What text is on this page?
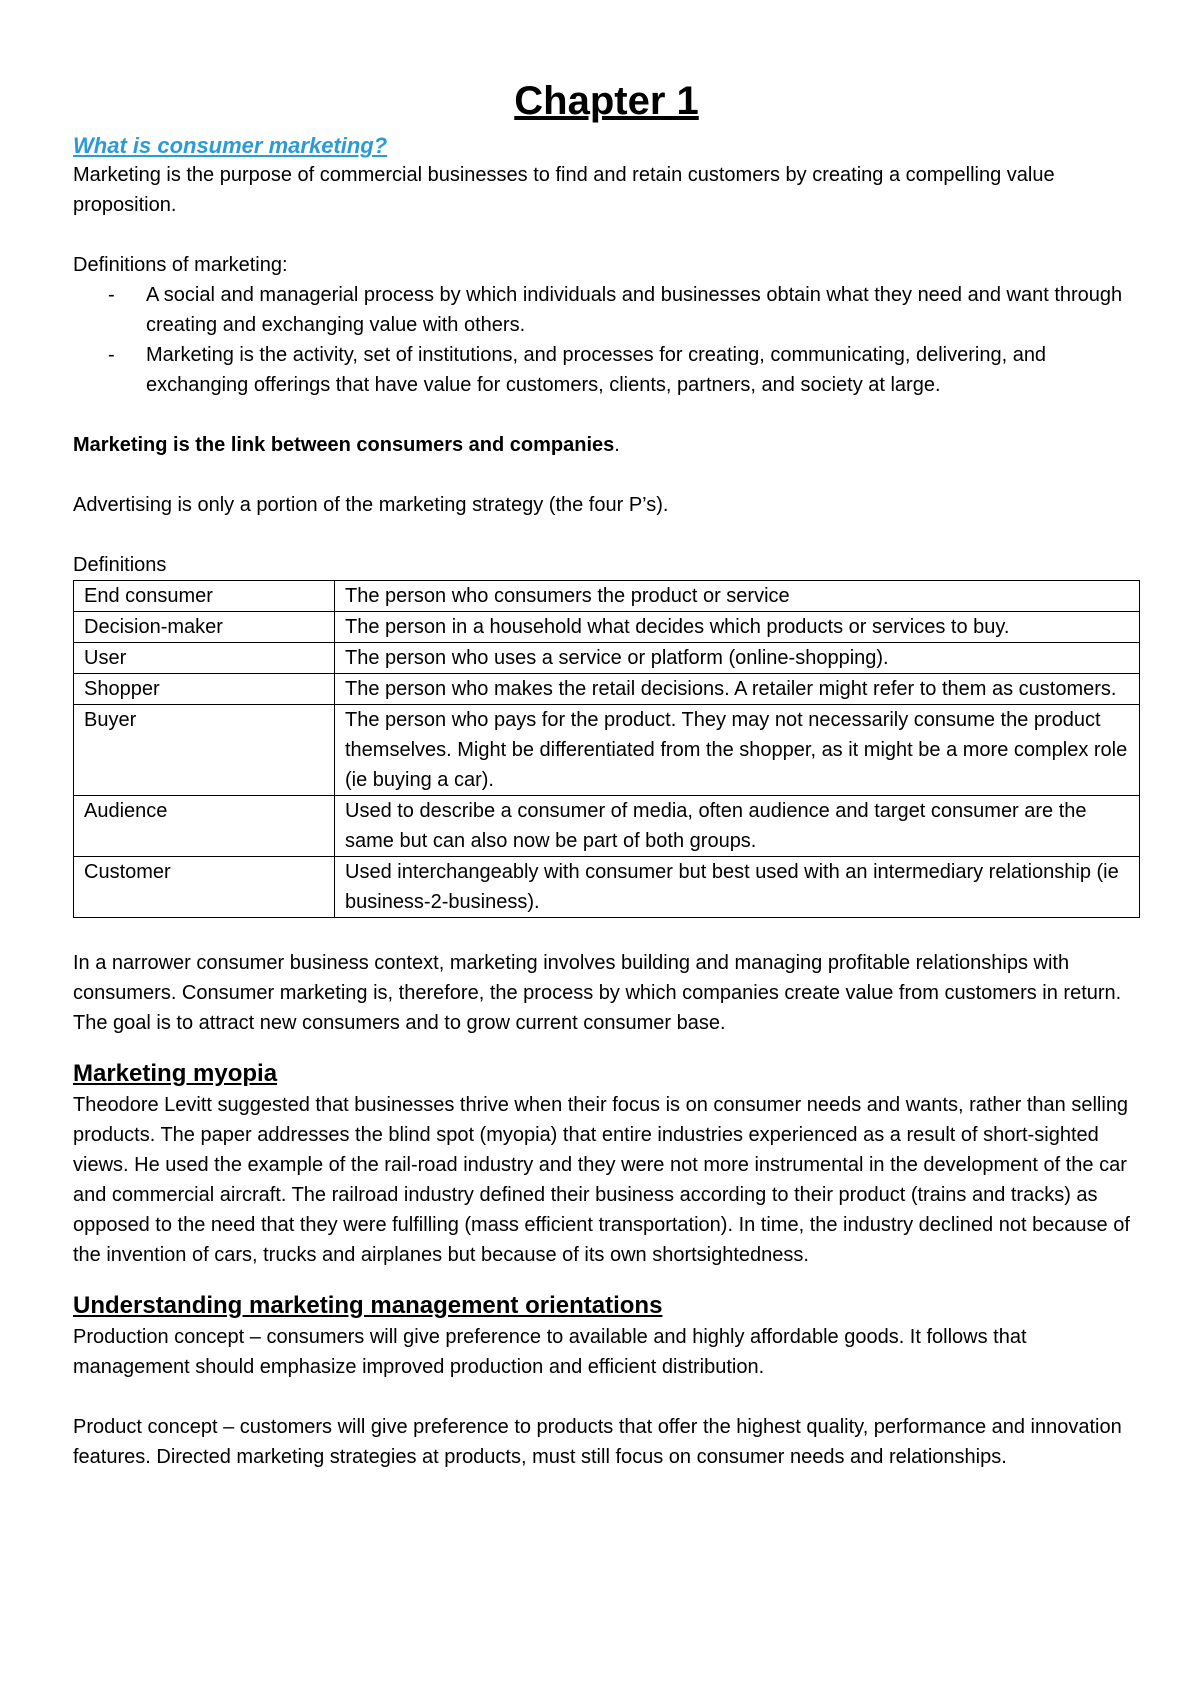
Chapter 1
What is consumer marketing?

Marketing is the purpose of commercial businesses to find and retain customers by creating a compelling value proposition.

Definitions of marketing:

- A social and managerial process by which individuals and businesses obtain what they need and want through creating and exchanging value with others.
- Marketing is the activity, set of institutions, and processes for creating, communicating, delivering, and exchanging offerings that have value for customers, clients, partners, and society at large.

Marketing is the link between consumers and companies.

Advertising is only a portion of the marketing strategy (the four P’s).

Definitions

End consumer	The person who consumers the product or service
Decision-maker	The person in a household what decides which products or services to buy.
User	The person who uses a service or platform (online-shopping).
Shopper	The person who makes the retail decisions. A retailer might refer to them as customers.
Buyer	The person who pays for the product. They may not necessarily consume the product themselves. Might be differentiated from the shopper, as it might be a more complex role (ie buying a car).
Audience	Used to describe a consumer of media, often audience and target consumer are the same but can also now be part of both groups.
Customer	Used interchangeably with consumer but best used with an intermediary relationship (ie business-2-business).

In a narrower consumer business context, marketing involves building and managing profitable relationships with consumers. Consumer marketing is, therefore, the process by which companies create value from customers in return. The goal is to attract new consumers and to grow current consumer base.

Marketing myopia

Theodore Levitt suggested that businesses thrive when their focus is on consumer needs and wants, rather than selling products. The paper addresses the blind spot (myopia) that entire industries experienced as a result of short-sighted views. He used the example of the rail-road industry and they were not more instrumental in the development of the car and commercial aircraft. The railroad industry defined their business according to their product (trains and tracks) as opposed to the need that they were fulfilling (mass efficient transportation). In time, the industry declined not because of the invention of cars, trucks and airplanes but because of its own shortsightedness.

Understanding marketing management orientations

Production concept – consumers will give preference to available and highly affordable goods. It follows that management should emphasize improved production and efficient distribution.

Product concept – customers will give preference to products that offer the highest quality, performance and innovation features. Directed marketing strategies at products, must still focus on consumer needs and relationships.
